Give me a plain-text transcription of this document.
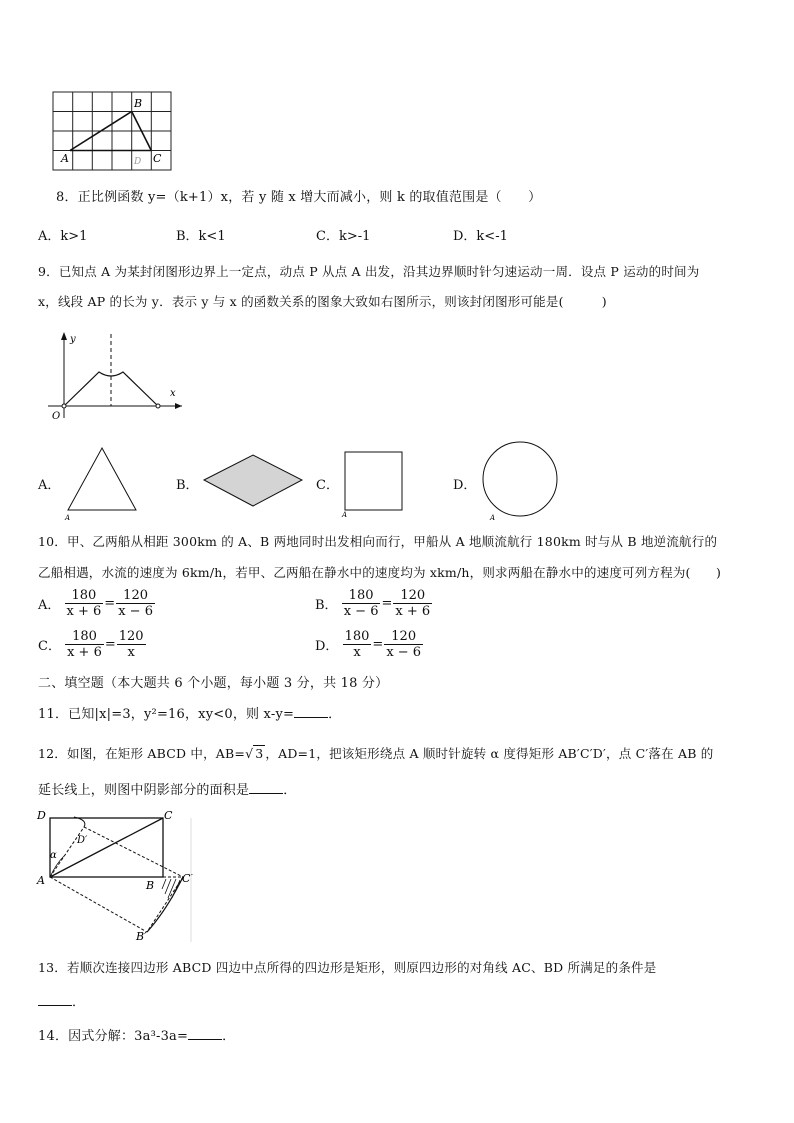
A
B
C
D
8．正比例函数 y=（k+1）x，若 y 随 x 增大而减小，则 k 的取值范围是（　　）
A．k>1	B．k<1	C．k>-1	D．k<-1
9．已知点 A 为某封闭图形边界上一定点，动点 P 从点 A 出发，沿其边界顺时针匀速运动一周．设点 P 运动的时间为
x，线段 AP 的长为 y．表示 y 与 x 的函数关系的图象大致如右图所示，则该封闭图形可能是(　　　)
y
x
O
A．
A
B．	C．
A
D．
A
10．甲、乙两船从相距 300km 的 A、B 两地同时出发相向而行，甲船从 A 地顺流航行 180km 时与从 B 地逆流航行的
乙船相遇，水流的速度为 6km/h，若甲、乙两船在静水中的速度均为 xkm/h，则求两船在静水中的速度可列方程为(　　)
A． $\frac{180}{x + 6} = \frac{120}{x - 6}$	B． $\frac{180}{x - 6} = \frac{120}{x + 6}$
C． $\frac{180}{x + 6} = \frac{120}{x}$	D． $\frac{180}{x} = \frac{120}{x - 6}$
二、填空题（本大题共 6 个小题，每小题 3 分，共 18 分）
11．已知|x|=3，y²=16，xy<0，则 x-y=	．
12．如图，在矩形 ABCD 中，AB=√ 3 ，AD=1，把该矩形绕点 A 顺时针旋转 α 度得矩形 AB′C′D′，点 C′落在 AB 的
延长线上，则图中阴影部分的面积是	．
D	C
D′
α
A	B
C′
B′
13．若顺次连接四边形 ABCD 四边中点所得的四边形是矩形，则原四边形的对角线 AC、BD 所满足的条件是
．
14．因式分解：3a³-3a=	．
